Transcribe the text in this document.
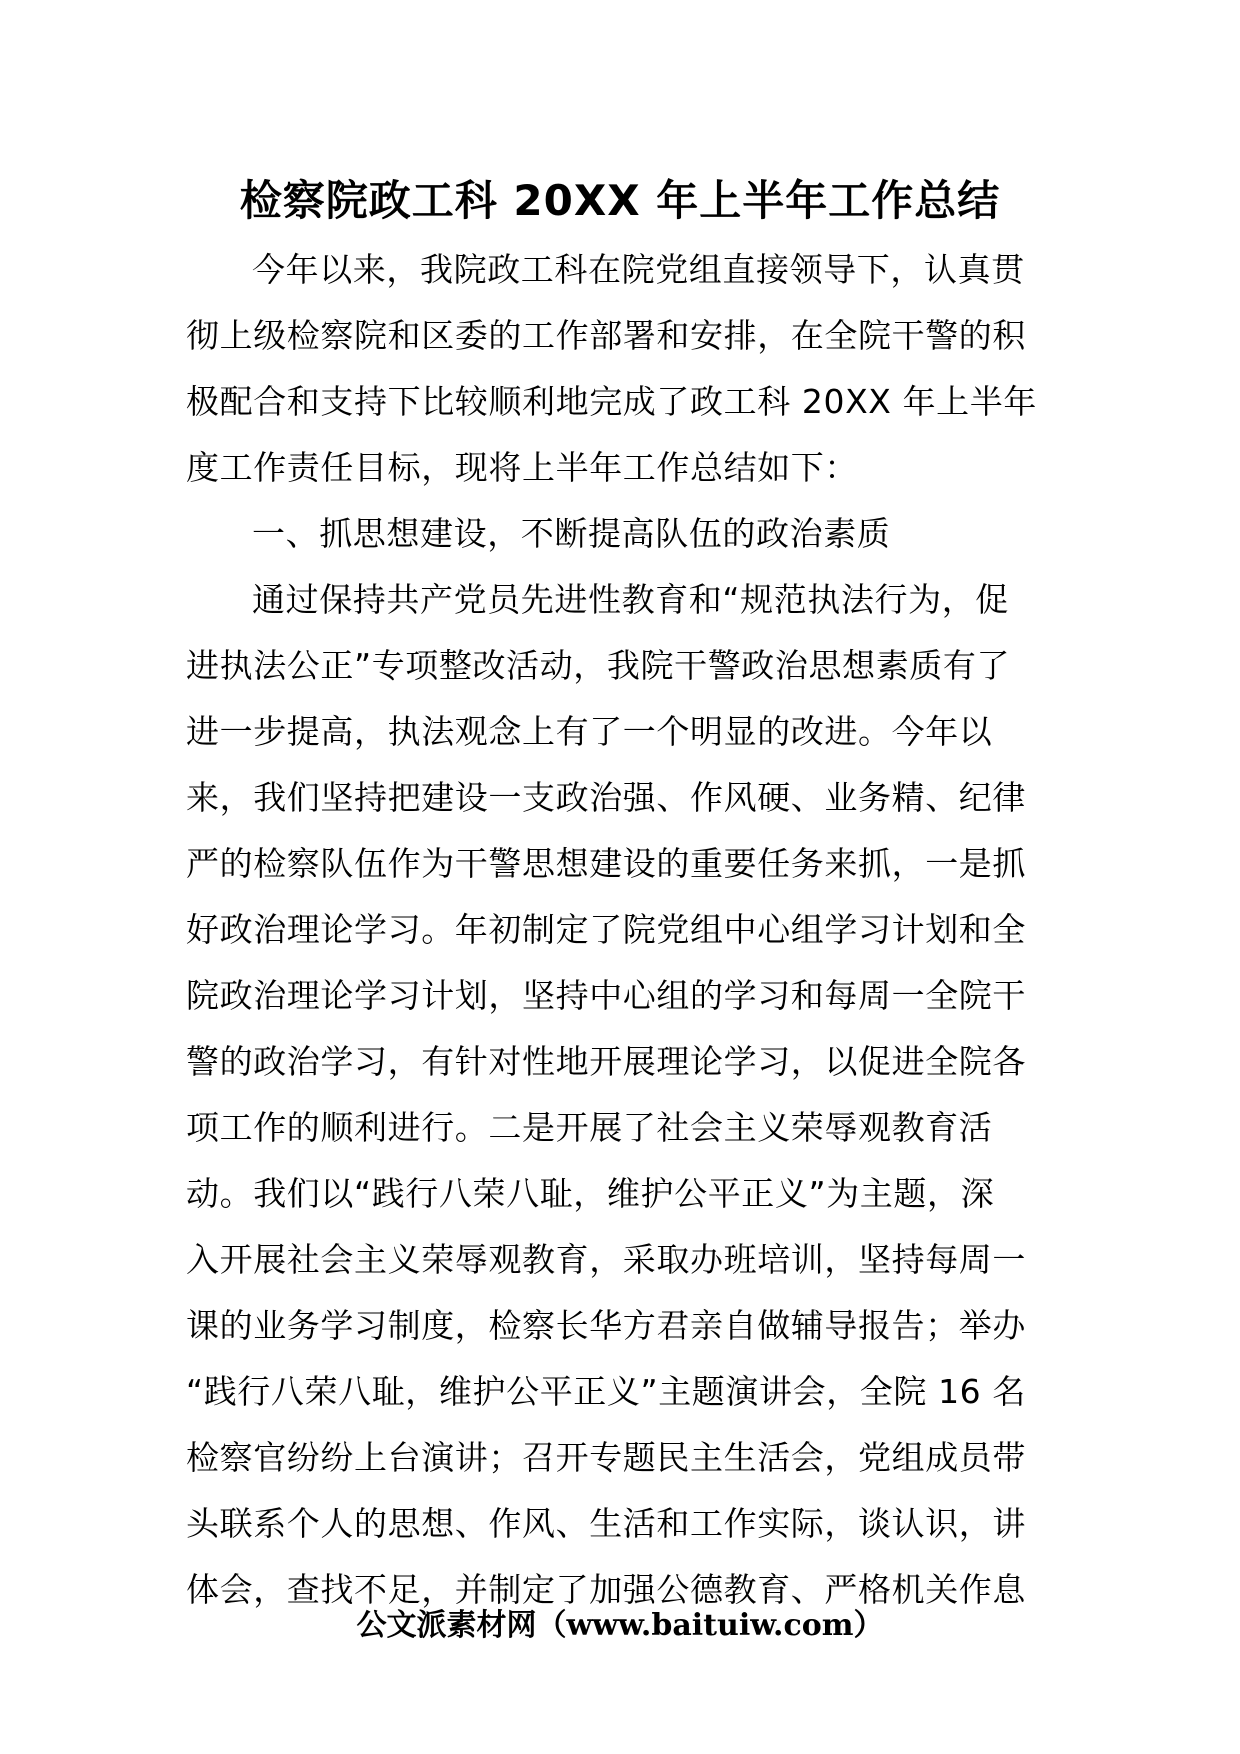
检察院政工科 20XX 年上半年工作总结
今年以来，我院政工科在院党组直接领导下，认真贯
彻上级检察院和区委的工作部署和安排，在全院干警的积
极配合和支持下比较顺利地完成了政工科 20XX 年上半年
度工作责任目标，现将上半年工作总结如下：
一、抓思想建设，不断提高队伍的政治素质
通过保持共产党员先进性教育和“规范执法行为，促
进执法公正”专项整改活动，我院干警政治思想素质有了
进一步提高，执法观念上有了一个明显的改进。今年以
来，我们坚持把建设一支政治强、作风硬、业务精、纪律
严的检察队伍作为干警思想建设的重要任务来抓，一是抓
好政治理论学习。年初制定了院党组中心组学习计划和全
院政治理论学习计划，坚持中心组的学习和每周一全院干
警的政治学习，有针对性地开展理论学习，以促进全院各
项工作的顺利进行。二是开展了社会主义荣辱观教育活
动。我们以“践行八荣八耻，维护公平正义”为主题，深
入开展社会主义荣辱观教育，采取办班培训，坚持每周一
课的业务学习制度，检察长华方君亲自做辅导报告；举办
“践行八荣八耻，维护公平正义”主题演讲会，全院 16 名
检察官纷纷上台演讲；召开专题民主生活会，党组成员带
头联系个人的思想、作风、生活和工作实际，谈认识，讲
体会，查找不足，并制定了加强公德教育、严格机关作息
公文派素材网（www.baituiw.com）
